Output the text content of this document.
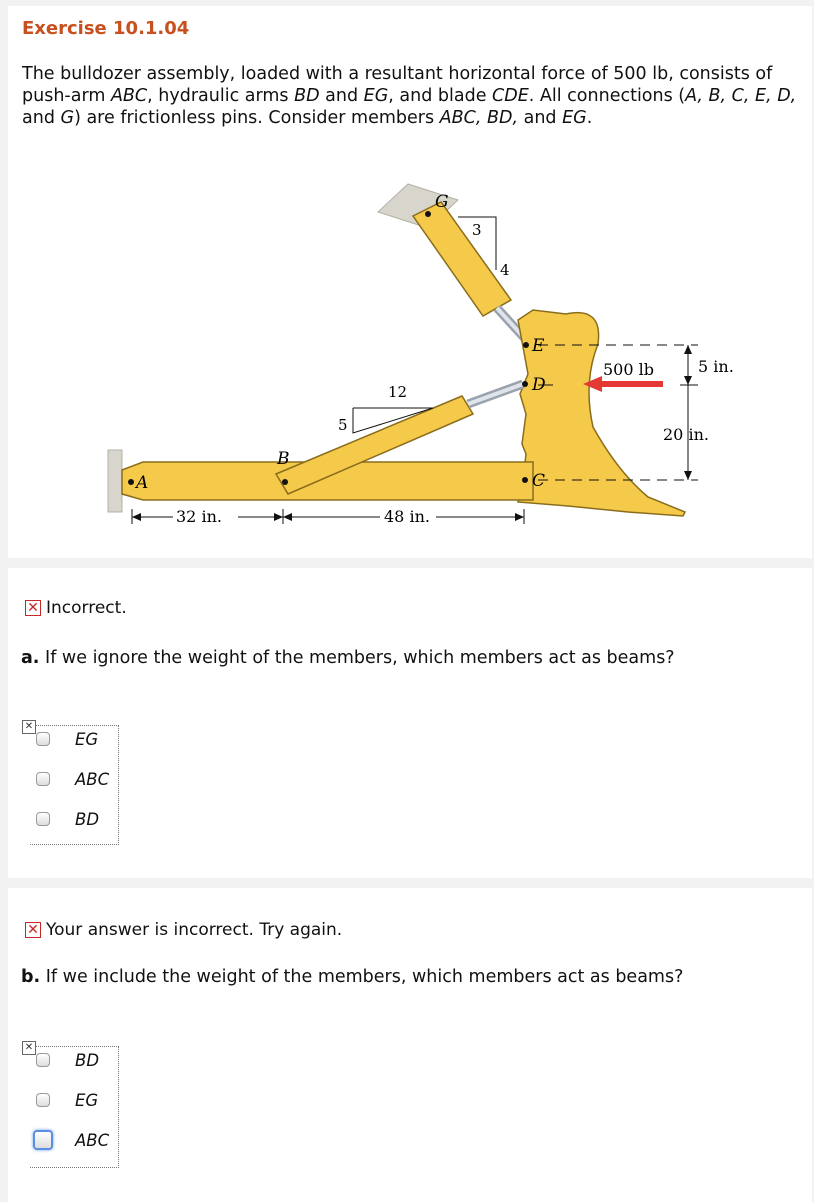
Exercise 10.1.04
The bulldozer assembly, loaded with a resultant horizontal force of 500 lb, consists of push-arm ABC, hydraulic arms BD and EG, and blade CDE. All connections (A, B, C, E, D, and G) are frictionless pins. Consider members ABC, BD, and EG.
G
E
D
C
B
A
3
4
12
5
500 lb	5 in.
20 in.
32 in.	48 in.
✕ Incorrect.
a. If we ignore the weight of the members, which members act as beams?
✕
EG
ABC
BD
✕ Your answer is incorrect. Try again.
b. If we include the weight of the members, which members act as beams?
✕
BD
EG
ABC
